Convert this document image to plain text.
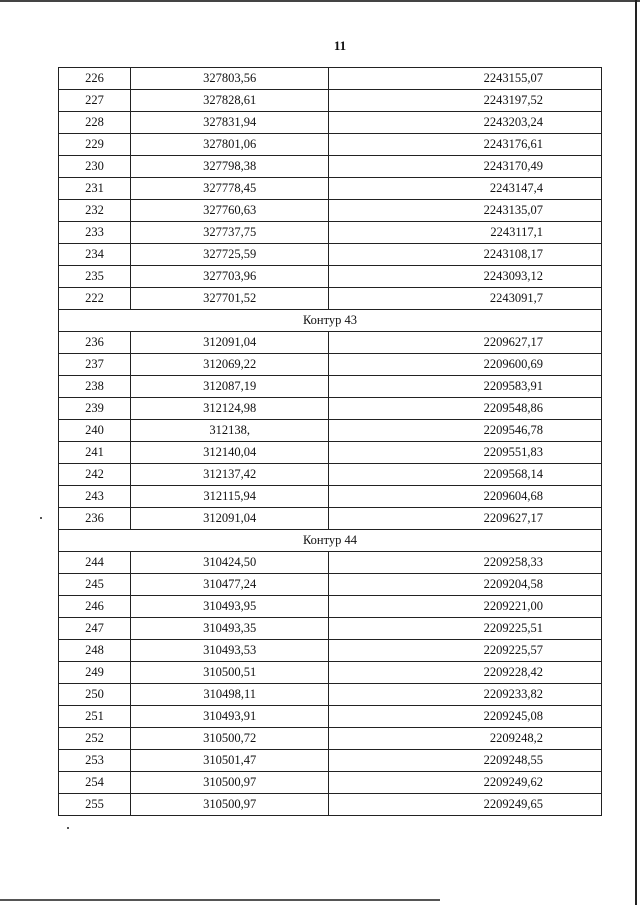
11
226	327803,56	2243155,07
227	327828,61	2243197,52
228	327831,94	2243203,24
229	327801,06	2243176,61
230	327798,38	2243170,49
231	327778,45	2243147,4
232	327760,63	2243135,07
233	327737,75	2243117,1
234	327725,59	2243108,17
235	327703,96	2243093,12
222	327701,52	2243091,7
Контур 43		
236	312091,04	2209627,17
237	312069,22	2209600,69
238	312087,19	2209583,91
239	312124,98	2209548,86
240	312138,	2209546,78
241	312140,04	2209551,83
242	312137,42	2209568,14
243	312115,94	2209604,68
236	312091,04	2209627,17
Контур 44		
244	310424,50	2209258,33
245	310477,24	2209204,58
246	310493,95	2209221,00
247	310493,35	2209225,51
248	310493,53	2209225,57
249	310500,51	2209228,42
250	310498,11	2209233,82
251	310493,91	2209245,08
252	310500,72	2209248,2
253	310501,47	2209248,55
254	310500,97	2209249,62
255	310500,97	2209249,65
